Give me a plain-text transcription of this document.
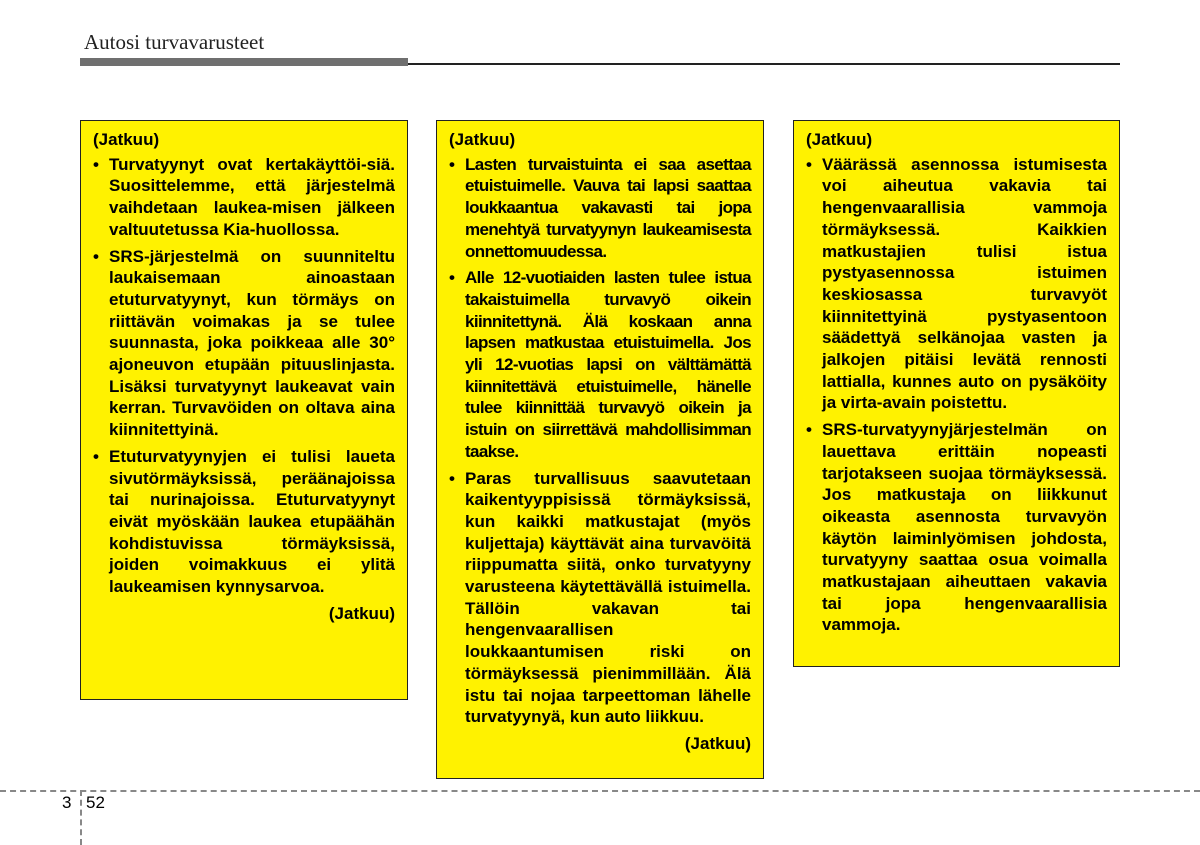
Autosi turvavarusteet
(Jatkuu)
• Turvatyynyt ovat kertakäyttöi-siä. Suosittelemme, että järjestelmä vaihdetaan laukea-misen jälkeen valtuutetussa Kia-huollossa.
• SRS-järjestelmä on suunniteltu laukaisemaan ainoastaan etuturvatyynyt, kun törmäys on riittävän voimakas ja se tulee suunnasta, joka poikkeaa alle 30° ajoneuvon etupään pituuslinjasta. Lisäksi turvatyynyt laukeavat vain kerran. Turvavöiden on oltava aina kiinnitettyinä.
• Etuturvatyynyjen ei tulisi laueta sivutörmäyksissä, peräänajoissa tai nurinajoissa. Etuturvatyynyt eivät myöskään laukea etupäähän kohdistuvissa törmäyksissä, joiden voimakkuus ei ylitä laukeamisen kynnysarvoa.
(Jatkuu)
(Jatkuu)
• Lasten turvaistuinta ei saa asettaa etuistuimelle. Vauva tai lapsi saattaa loukkaantua vakavasti tai jopa menehtyä turvatyynyn laukeamisesta onnettomuudessa.
• Alle 12-vuotiaiden lasten tulee istua takaistuimella turvavyö oikein kiinnitettynä. Älä koskaan anna lapsen matkustaa etuistuimella. Jos yli 12-vuotias lapsi on välttämättä kiinnitettävä etuistuimelle, hänelle tulee kiinnittää turvavyö oikein ja istuin on siirrettävä mahdollisimman taakse.
• Paras turvallisuus saavutetaan kaikentyyppisissä törmäyksissä, kun kaikki matkustajat (myös kuljettaja) käyttävät aina turvavöitä riippumatta siitä, onko turvatyyny varusteena käytettävällä istuimella. Tällöin vakavan tai hengenvaarallisen loukkaantumisen riski on törmäyksessä pienimmillään. Älä istu tai nojaa tarpeettoman lähelle turvatyynyä, kun auto liikkuu.
(Jatkuu)
(Jatkuu)
• Väärässä asennossa istumisesta voi aiheutua vakavia tai hengenvaarallisia vammoja törmäyksessä. Kaikkien matkustajien tulisi istua pystyasennossa istuimen keskiosassa turvavyöt kiinnitettyinä pystyasentoon säädettyä selkänojaa vasten ja jalkojen pitäisi levätä rennosti lattialla, kunnes auto on pysäköity ja virta-avain poistettu.
• SRS-turvatyynyjärjestelmän on lauettava erittäin nopeasti tarjotakseen suojaa törmäyksessä. Jos matkustaja on liikkunut oikeasta asennosta turvavyön käytön laiminlyömisen johdosta, turvatyyny saattaa osua voimalla matkustajaan aiheuttaen vakavia tai jopa hengenvaarallisia vammoja.
3 52
